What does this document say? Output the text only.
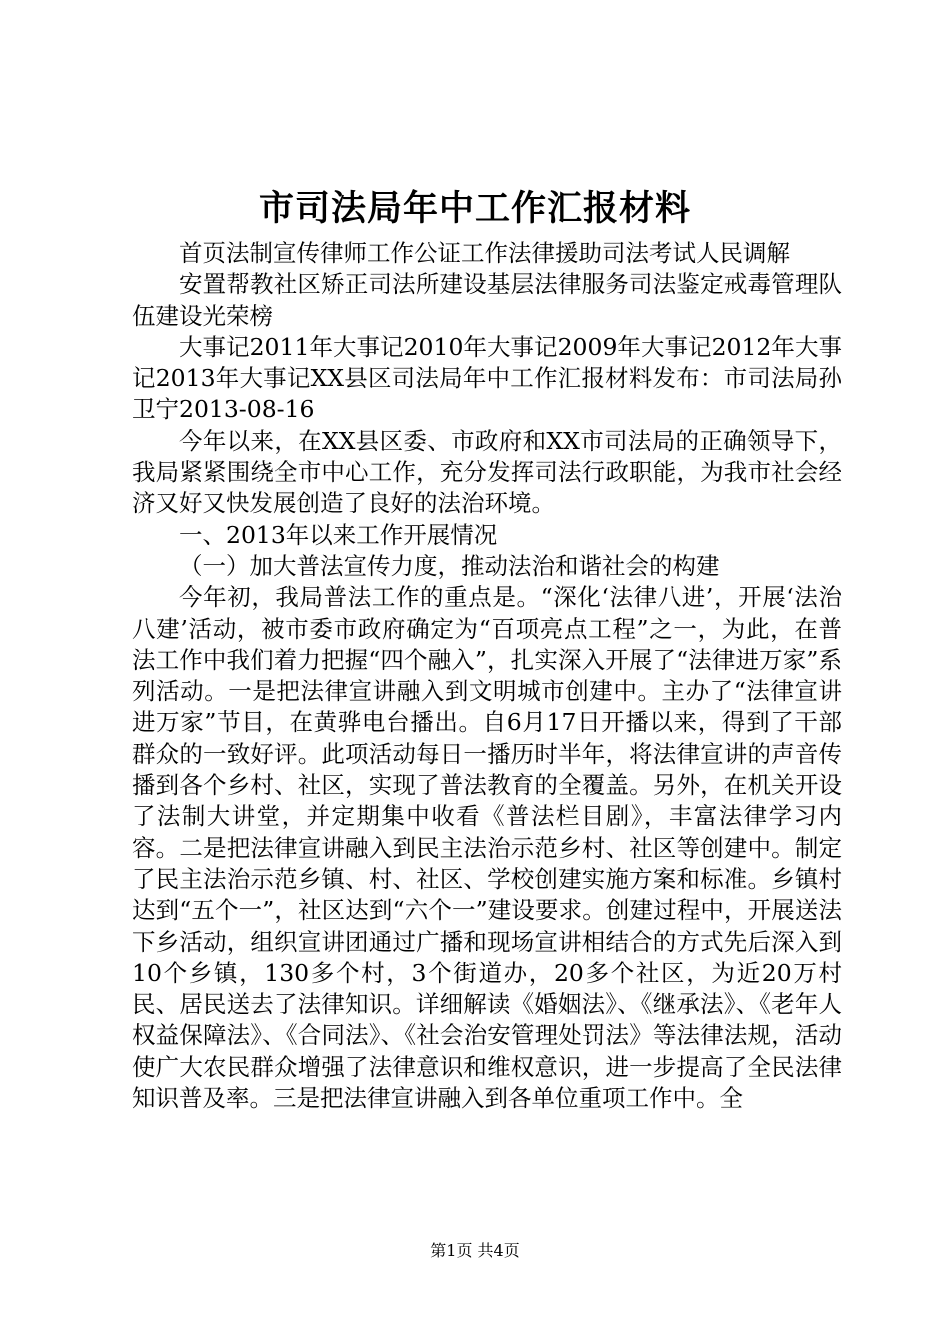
市司法局年中工作汇报材料

首页法制宣传律师工作公证工作法律援助司法考试人民调解

安置帮教社区矫正司法所建设基层法律服务司法鉴定戒毒管理队伍建设光荣榜

大事记2011年大事记2010年大事记2009年大事记2012年大事记2013年大事记XX县区司法局年中工作汇报材料发布：市司法局孙卫宁2013-08-16

今年以来，在XX县区委、市政府和XX市司法局的正确领导下，我局紧紧围绕全市中心工作，充分发挥司法行政职能，为我市社会经济又好又快发展创造了良好的法治环境。

一、2013年以来工作开展情况

（一）加大普法宣传力度，推动法治和谐社会的构建

今年初，我局普法工作的重点是。“深化‘法律八进’，开展‘法治八建’活动，被市委市政府确定为“百项亮点工程”之一，为此，在普法工作中我们着力把握“四个融入”，扎实深入开展了“法律进万家”系列活动。一是把法律宣讲融入到文明城市创建中。主办了“法律宣讲进万家”节目，在黄骅电台播出。自6月17日开播以来，得到了干部群众的一致好评。此项活动每日一播历时半年，将法律宣讲的声音传播到各个乡村、社区，实现了普法教育的全覆盖。另外，在机关开设了法制大讲堂，并定期集中收看《普法栏目剧》，丰富法律学习内容。二是把法律宣讲融入到民主法治示范乡村、社区等创建中。制定了民主法治示范乡镇、村、社区、学校创建实施方案和标准。乡镇村达到“五个一”，社区达到“六个一”建设要求。创建过程中，开展送法下乡活动，组织宣讲团通过广播和现场宣讲相结合的方式先后深入到10个乡镇，130多个村，3个街道办，20多个社区，为近20万村民、居民送去了法律知识。详细解读《婚姻法》、《继承法》、《老年人权益保障法》、《合同法》、《社会治安管理处罚法》等法律法规，活动使广大农民群众增强了法律意识和维权意识，进一步提高了全民法律知识普及率。三是把法律宣讲融入到各单位重项工作中。全

第1页 共4页
